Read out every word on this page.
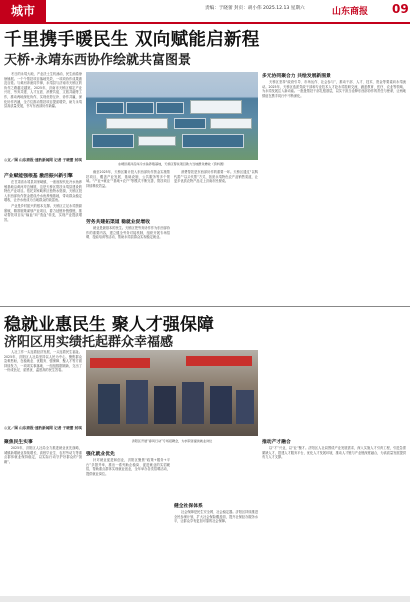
城市	责编：于晓蕾 封页：胡小伟 2025.12.13 星期六	山东商报 09
千里携手暖民生 双向赋能启新程
天桥·永靖东西协作绘就共富图景

冬日的永靖大地，产业沃土生机涌动，民生画卷徐徐铺展。一个个帮扶项目落地见效，一项项协作成果惠及百姓。与黄河奔流同节律，永靖县与济南市天桥区的协作之路越走越宽。2025年，济南市天桥区锚定产业兴旺、劳务共建、人才互派、消费共促、文旅共融等工作，推动两地深化协作，实现优势互补、协作共赢，深化协作内涵，全方位推动帮扶项目提质增效，助力永靖县高质量发展，书写东西部协作新篇。

◎文／图 山东商报·速豹新闻网 记者 于晓蕾 封琪
永靖县黄河沿岸冷水鱼养殖基地，天桥区帮扶项目助力当地群众增收（资料图）
产业赋能强根基 激活振兴新引擎

在甘肃省永靖县刘家峡镇，一座座现代化冷水鱼养殖基地沿黄河岸边铺展，这是天桥区帮扶永靖县建设的特色产业项目。依托刘家峡库区独特水资源，天桥区投入东西部协作资金建设冷水鱼养殖基地，带动群众稳定增收，让冷水鱼成为当地群众的致富鱼。

产业是乡村振兴的根本支撑。天桥区立足永靖资源禀赋，精准施策谋划产业项目，着力延链补链强链，推动帮扶项目从“输血”向“造血”转变，实现产业提质增效。

截至2025年，天桥区累计投入东西部协作资金实施帮扶项目，覆盖产业发展、基础设施、公共服务等多个领域。“产业+就业”“基地+农户”等模式不断完善，帮扶项目持续释放效益。

劳务共建拓渠道 稳就业促增收

就业是最基本的民生。天桥区把劳务协作作为东西部协作的重要内容，建立健全劳务对接机制，组织开展专场招聘、技能培训等活动，帮助永靖县群众实现稳定就业。

消费帮扶是东西部协作的重要一环。天桥区通过“以购代捐”“以买代帮”方式，拓宽永靖特色农产品销售渠道，让更多优质农特产品走上济南市民餐桌。

多元协同聚合力 共绘发展新图景

天桥区坚持“政府引导、市场运作、社会参与”，推动干部、人才、技术、资金等要素向永靖流动。2025年，天桥区选派党政干部和专业技术人才赴永靖挂职交流，涵盖教育、医疗、农业等领域，为永靖发展注入新动能。一批批帮扶干部扎根基层，以实干担当诠释东西部协作的责任与使命，让两地情谊在携手同行中不断深化。

稳就业惠民生 聚人才强保障
济阳区用实绩托起群众幸福感

人社工作一头连着经济发展，一头连着民生福祉。2025年，济阳区人社局坚持以人民为中心，聚焦群众急难愁盼，在稳就业、优服务、强保障、聚人才等方面持续发力，一项项实事落地、一组组数据刷新，交出了一份成色足、质感优、温度高的民生答卷。

◎文／图 山东商报·速豹新闻网 记者 于晓蕾 封琪
聚焦民生实事

2025年，济阳区人社局全力推进就业优先战略，城镇新增就业持续增长，高校毕业生、农村劳动力等重点群体就业保持稳定，以实际行动守护好群众的“饭碗”。

济阳区开展“春风行动”专场招聘会，为求职者提供就业岗位
强化就业优先

针对就业促进和创业，济阳区聚焦“政策+服务+平台”多措并举，推出一系列助企稳岗、促进就业的实招硬招，帮助重点群体实现就业创业，全年举办各类招聘活动，提供就业岗位。

健全社保体系

社会保障是民生安全网、社会稳定器。济阳区持续推进全民参保计划，扩大社会保险覆盖面，提升社保经办服务水平，让群众享有更加可靠的社会保障。

推动产才融合

以“才”兴业，以“业”聚才。济阳区人社局围绕产业发展需求，深入实施人才引育工程，引进急需紧缺人才，搭建人才服务平台，优化人才发展环境，推动人才链与产业链深度融合，为高质量发展提供有力人才支撑。
